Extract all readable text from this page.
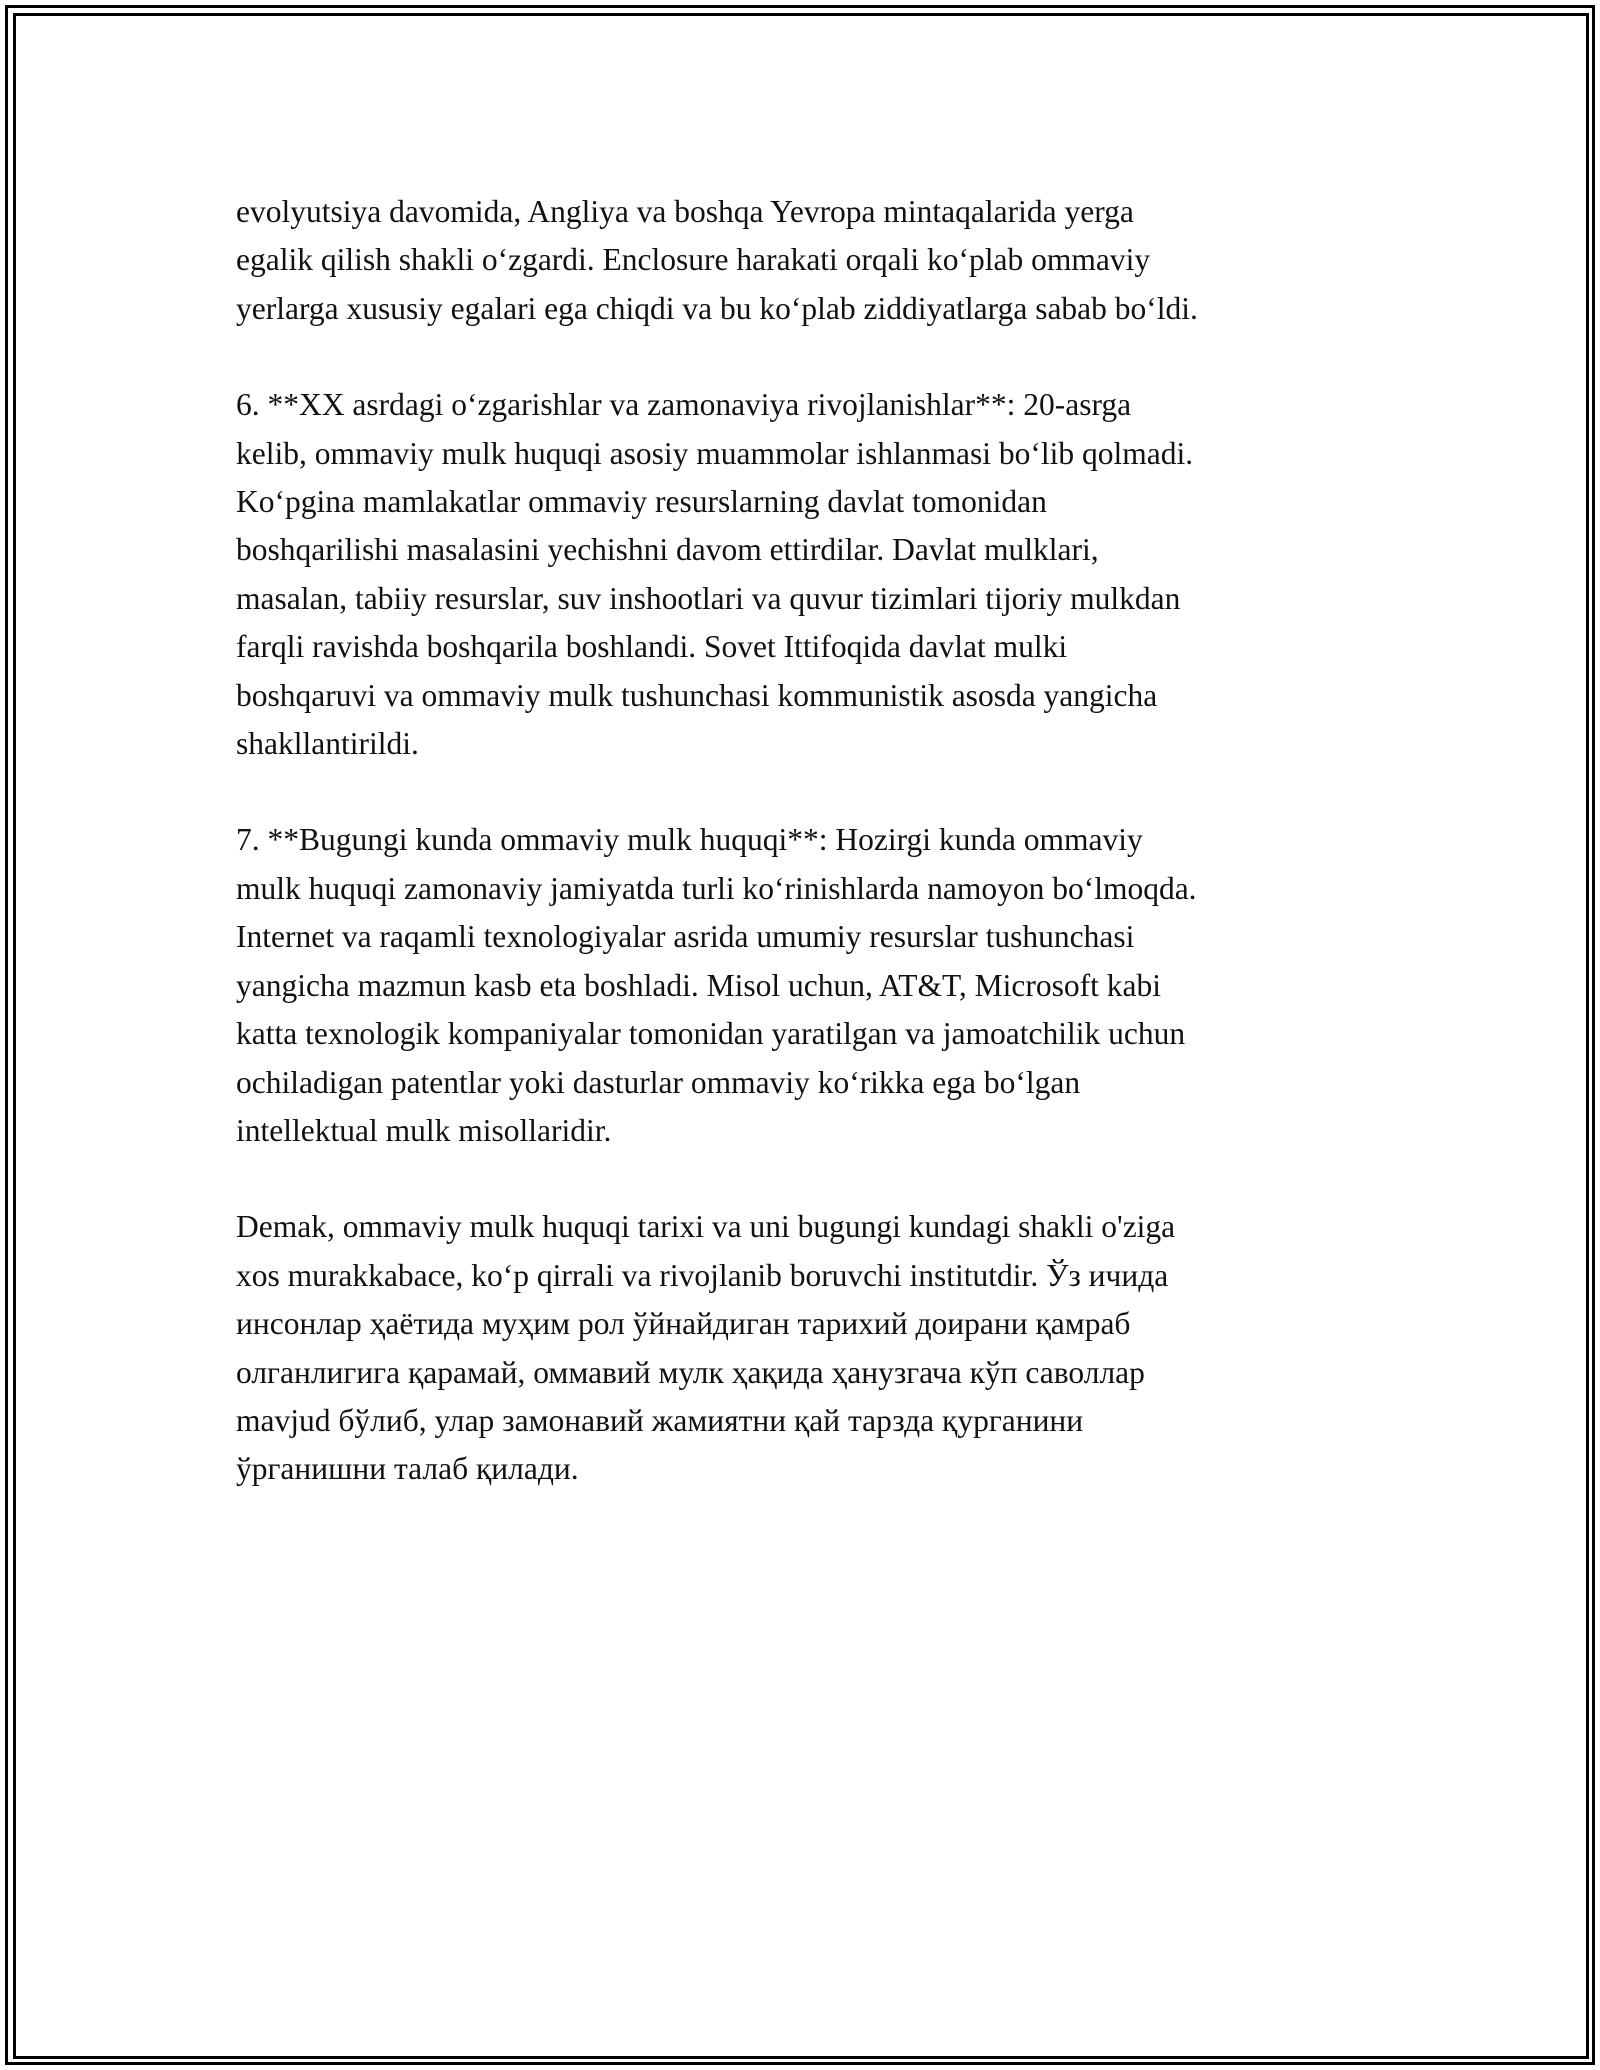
evolyutsiya davomida, Angliya va boshqa Yevropa mintaqalarida yerga
egalik qilish shakli o‘zgardi. Enclosure harakati orqali ko‘plab ommaviy
yerlarga xususiy egalari ega chiqdi va bu ko‘plab ziddiyatlarga sabab bo‘ldi.

6. **XX asrdagi o‘zgarishlar va zamonaviya rivojlanishlar**: 20-asrga
kelib, ommaviy mulk huquqi asosiy muammolar ishlanmasi bo‘lib qolmadi.
Ko‘pgina mamlakatlar ommaviy resurslarning davlat tomonidan
boshqarilishi masalasini yechishni davom ettirdilar. Davlat mulklari,
masalan, tabiiy resurslar, suv inshootlari va quvur tizimlari tijoriy mulkdan
farqli ravishda boshqarila boshlandi. Sovet Ittifoqida davlat mulki
boshqaruvi va ommaviy mulk tushunchasi kommunistik asosda yangicha
shakllantirildi.

7. **Bugungi kunda ommaviy mulk huquqi**: Hozirgi kunda ommaviy
mulk huquqi zamonaviy jamiyatda turli ko‘rinishlarda namoyon bo‘lmoqda.
Internet va raqamli texnologiyalar asrida umumiy resurslar tushunchasi
yangicha mazmun kasb eta boshladi. Misol uchun, AT&T, Microsoft kabi
katta texnologik kompaniyalar tomonidan yaratilgan va jamoatchilik uchun
ochiladigan patentlar yoki dasturlar ommaviy ko‘rikka ega bo‘lgan
intellektual mulk misollaridir.

Demak, ommaviy mulk huquqi tarixi va uni bugungi kundagi shakli o'ziga
xos murakkabace, ko‘p qirrali va rivojlanib boruvchi institutdir. Ўз ичида
инсонлар ҳаётида муҳим рол ўйнайдиган тарихий доирани қамраб
олганлигига қарамай, оммавий мулк ҳақида ҳанузгача кўп саволлар
mavjud бўлиб, улар замонавий жамиятни қай тарзда қурганини
ўрганишни талаб қилади.
